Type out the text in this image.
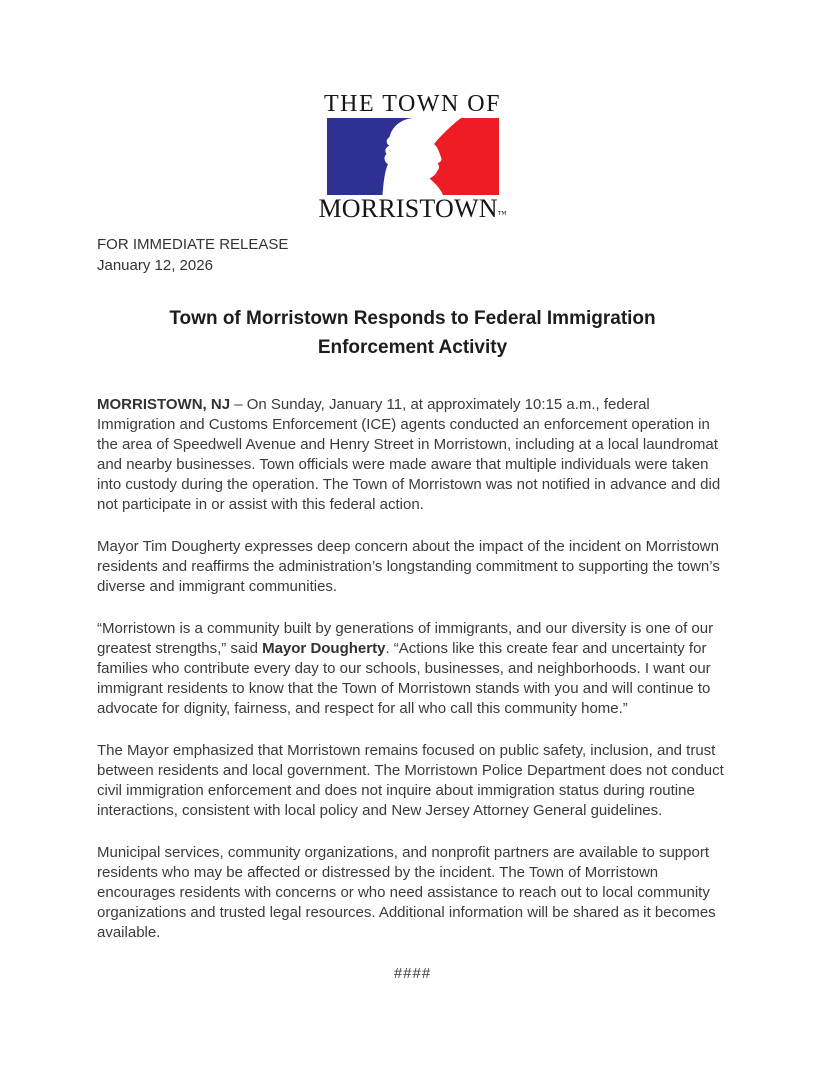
THE TOWN OF
MORRISTOWN™
FOR IMMEDIATE RELEASE
January 12, 2026
Town of Morristown Responds to Federal Immigration Enforcement Activity

MORRISTOWN, NJ – On Sunday, January 11, at approximately 10:15 a.m., federal Immigration and Customs Enforcement (ICE) agents conducted an enforcement operation in the area of Speedwell Avenue and Henry Street in Morristown, including at a local laundromat and nearby businesses. Town officials were made aware that multiple individuals were taken into custody during the operation. The Town of Morristown was not notified in advance and did not participate in or assist with this federal action.

Mayor Tim Dougherty expresses deep concern about the impact of the incident on Morristown residents and reaffirms the administration’s longstanding commitment to supporting the town’s diverse and immigrant communities.

“Morristown is a community built by generations of immigrants, and our diversity is one of our greatest strengths,” said Mayor Dougherty. “Actions like this create fear and uncertainty for families who contribute every day to our schools, businesses, and neighborhoods. I want our immigrant residents to know that the Town of Morristown stands with you and will continue to advocate for dignity, fairness, and respect for all who call this community home.”

The Mayor emphasized that Morristown remains focused on public safety, inclusion, and trust between residents and local government. The Morristown Police Department does not conduct civil immigration enforcement and does not inquire about immigration status during routine interactions, consistent with local policy and New Jersey Attorney General guidelines.

Municipal services, community organizations, and nonprofit partners are available to support residents who may be affected or distressed by the incident. The Town of Morristown encourages residents with concerns or who need assistance to reach out to local community organizations and trusted legal resources. Additional information will be shared as it becomes available.

####
